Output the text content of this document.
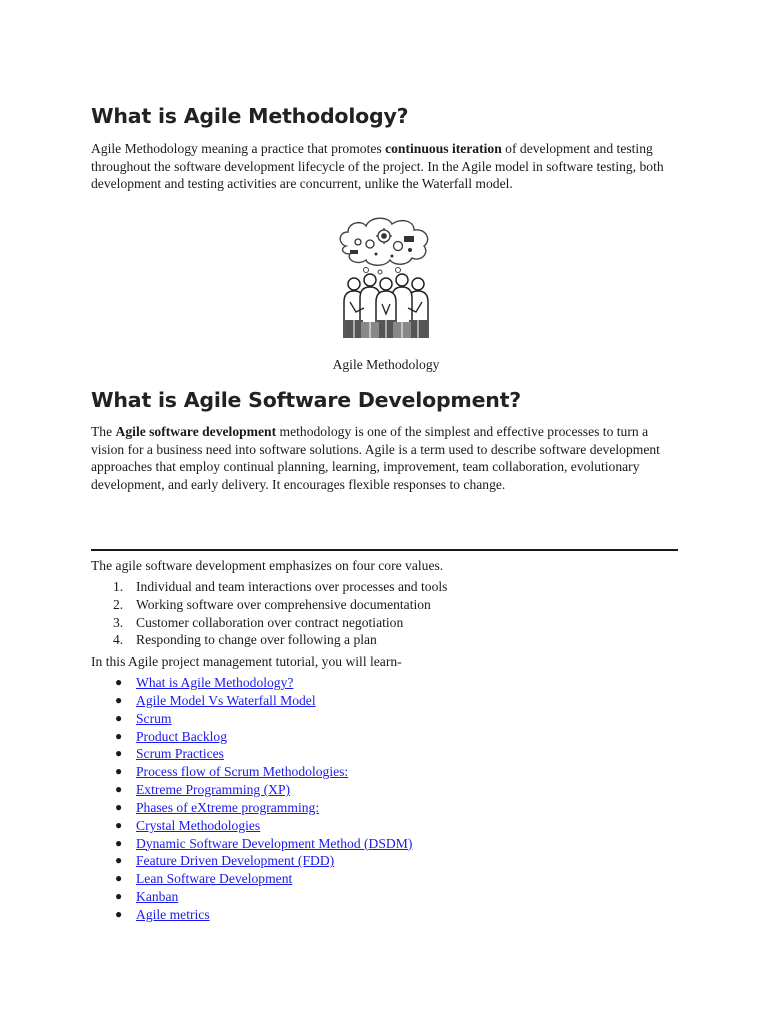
What is Agile Methodology?

Agile Methodology meaning a practice that promotes continuous iteration of development and testing throughout the software development lifecycle of the project. In the Agile model in software testing, both development and testing activities are concurrent, unlike the Waterfall model.

Agile Methodology
What is Agile Software Development?

The Agile software development methodology is one of the simplest and effective processes to turn a vision for a business need into software solutions. Agile is a term used to describe software development approaches that employ continual planning, learning, improvement, team collaboration, evolutionary development, and early delivery. It encourages flexible responses to change.

The agile software development emphasizes on four core values.

1. Individual and team interactions over processes and tools
2. Working software over comprehensive documentation
3. Customer collaboration over contract negotiation
4. Responding to change over following a plan

In this Agile project management tutorial, you will learn-

● What is Agile Methodology?
● Agile Model Vs Waterfall Model
● Scrum
● Product Backlog
● Scrum Practices
● Process flow of Scrum Methodologies:
● Extreme Programming (XP)
● Phases of eXtreme programming:
● Crystal Methodologies
● Dynamic Software Development Method (DSDM)
● Feature Driven Development (FDD)
● Lean Software Development
● Kanban
● Agile metrics
